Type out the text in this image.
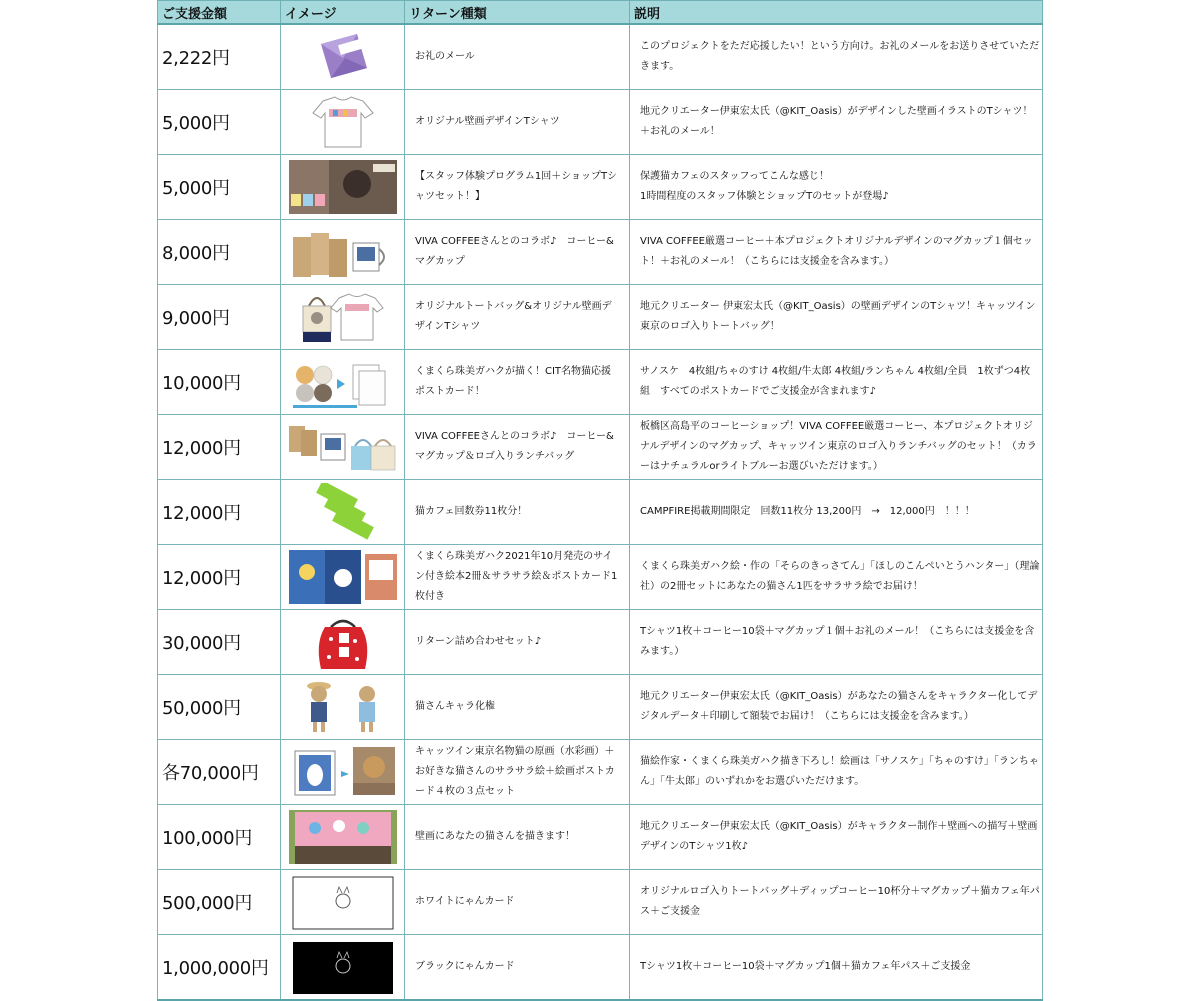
ご支援金額	イメージ	リターン種類	説明
2,222円		お礼のメール	このプロジェクトをただ応援したい！という方向け。お礼のメールをお送りさせていただきます。
5,000円		オリジナル壁画デザインTシャツ	地元クリエーター伊東宏太氏（@KIT_Oasis）がデザインした壁画イラストのTシャツ！＋お礼のメール！
5,000円		【スタッフ体験プログラム1回＋ショップTシャツセット！】	保護猫カフェのスタッフってこんな感じ！
1時間程度のスタッフ体験とショップTのセットが登場♪
8,000円		VIVA COFFEEさんとのコラボ♪　コーヒー&マグカップ	VIVA COFFEE厳選コーヒー＋本プロジェクトオリジナルデザインのマグカップ１個セット！＋お礼のメール！（こちらには支援金を含みます。）
9,000円		オリジナルトートバッグ&オリジナル壁画デザインTシャツ	地元クリエーター 伊東宏太氏（@KIT_Oasis）の壁画デザインのTシャツ！キャッツイン東京のロゴ入りトートバッグ！
10,000円		くまくら珠美ガハクが描く！CIT名物猫応援ポストカード！	サノスケ　4枚組/ちゃのすけ 4枚組/牛太郎 4枚組/ランちゃん 4枚組/全員　1枚ずつ4枚組　すべてのポストカードでご支援金が含まれます♪
12,000円		VIVA COFFEEさんとのコラボ♪　コーヒー&マグカップ＆ロゴ入りランチバッグ	板橋区高島平のコーヒーショップ！VIVA COFFEE厳選コーヒー、本プロジェクトオリジナルデザインのマグカップ、キャッツイン東京のロゴ入りランチバッグのセット！（カラーはナチュラルorライトブルーお選びいただけます。）
12,000円		猫カフェ回数券11枚分！	CAMPFIRE掲載期間限定　回数11枚分 13,200円　→　12,000円　！！！
12,000円		くまくら珠美ガハク2021年10月発売のサイン付き絵本2冊＆サラサラ絵＆ポストカード1枚付き	くまくら珠美ガハク絵・作の「そらのきっさてん」「ほしのこんぺいとうハンター」（理論社）の2冊セットにあなたの猫さん1匹をサラサラ絵でお届け！
30,000円		リターン詰め合わせセット♪	Tシャツ1枚＋コーヒー10袋＋マグカップ１個＋お礼のメール！（こちらには支援金を含みます。）
50,000円		猫さんキャラ化権	地元クリエーター伊東宏太氏（@KIT_Oasis）があなたの猫さんをキャラクター化してデジタルデータ＋印刷して額装でお届け！（こちらには支援金を含みます。）
各70,000円		キャッツイン東京名物猫の原画（水彩画）＋お好きな猫さんのサラサラ絵＋絵画ポストカード４枚の３点セット	猫絵作家・くまくら珠美ガハク描き下ろし！絵画は「サノスケ」「ちゃのすけ」「ランちゃん」「牛太郎」のいずれかをお選びいただけます。
100,000円		壁画にあなたの猫さんを描きます！	地元クリエーター伊東宏太氏（@KIT_Oasis）がキャラクター制作＋壁画への描写＋壁画デザインのTシャツ1枚♪
500,000円		ホワイトにゃんカード	オリジナルロゴ入りトートバッグ＋ディップコーヒー10杯分＋マグカップ＋猫カフェ年パス＋ご支援金
1,000,000円		ブラックにゃんカード	Tシャツ1枚＋コーヒー10袋＋マグカップ1個＋猫カフェ年パス＋ご支援金
